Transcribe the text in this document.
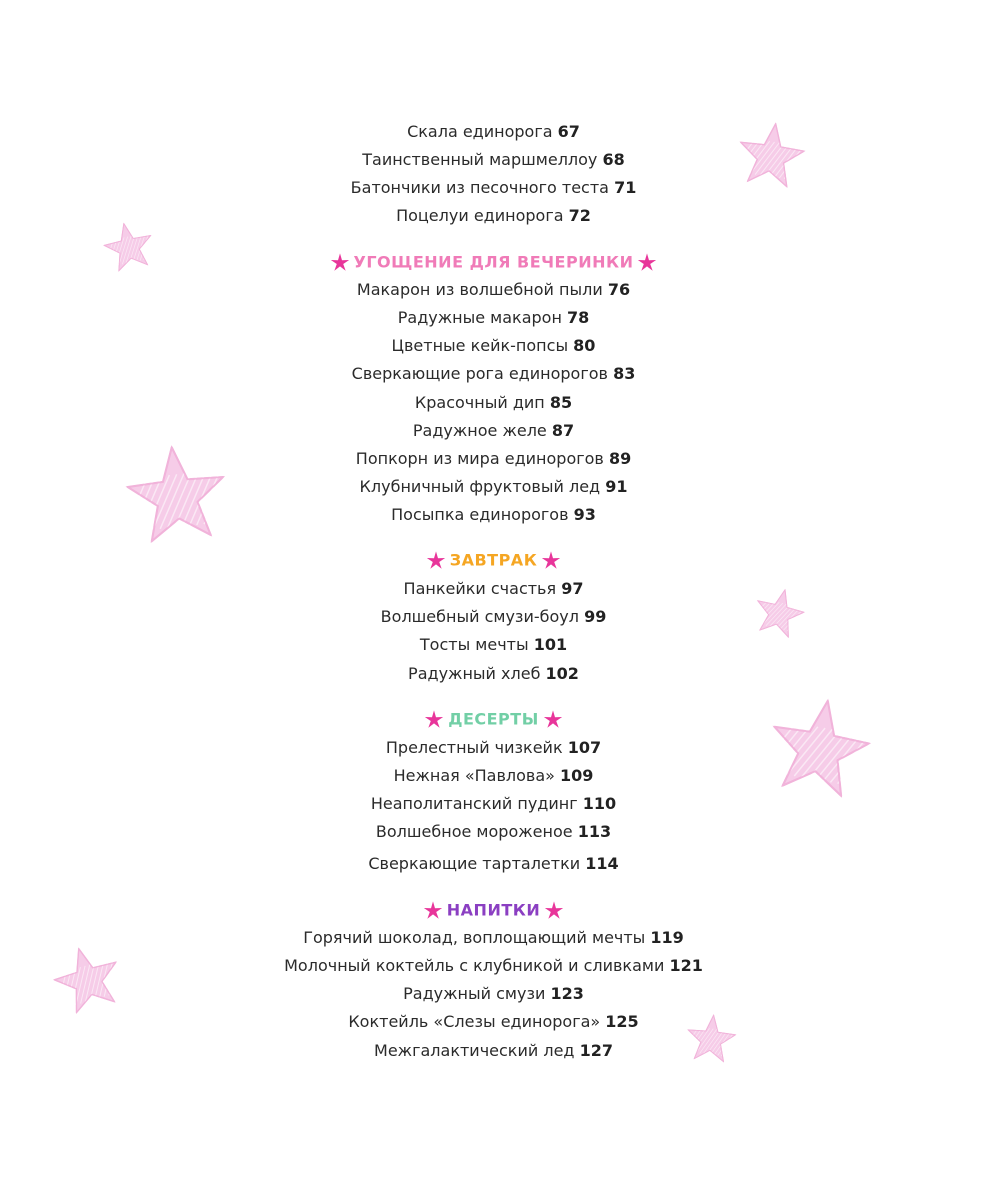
Скала единорога 67
Таинственный маршмеллоу 68
Батончики из песочного теста 71
Поцелуи единорога 72
УГОЩЕНИЕ ДЛЯ ВЕЧЕРИНКИ
Макарон из волшебной пыли 76
Радужные макарон 78
Цветные кейк-попсы 80
Сверкающие рога единорогов 83
Красочный дип 85
Радужное желе 87
Попкорн из мира единорогов 89
Клубничный фруктовый лед 91
Посыпка единорогов 93
ЗАВТРАК
Панкейки счастья 97
Волшебный смузи-боул 99
Тосты мечты 101
Радужный хлеб 102
ДЕСЕРТЫ
Прелестный чизкейк 107
Нежная «Павлова» 109
Неаполитанский пудинг 110
Волшебное мороженое 113
Сверкающие тарталетки 114
НАПИТКИ
Горячий шоколад, воплощающий мечты 119
Молочный коктейль с клубникой и сливками 121
Радужный смузи 123
Коктейль «Слезы единорога» 125
Межгалактический лед 127
